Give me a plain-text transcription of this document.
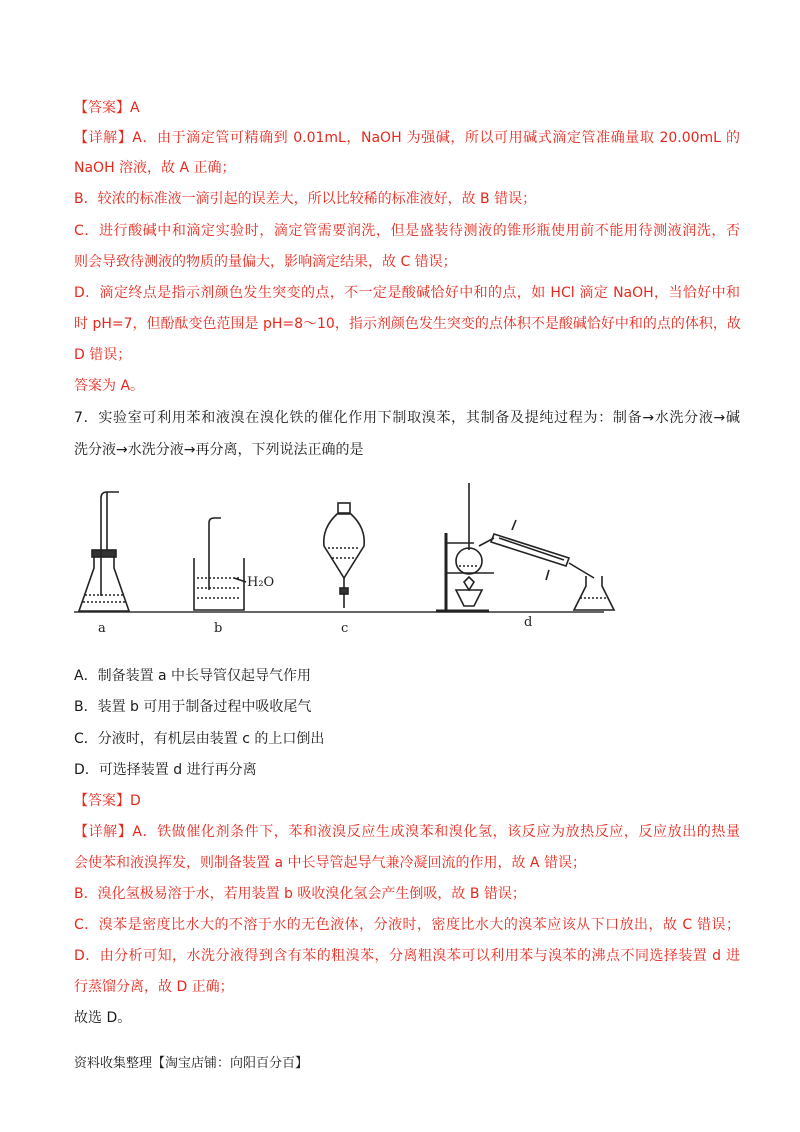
【答案】A
【详解】A．由于滴定管可精确到 0.01mL，NaOH 为强碱，所以可用碱式滴定管准确量取 20.00mL 的
NaOH 溶液，故 A 正确；
B．较浓的标准液一滴引起的误差大，所以比较稀的标准液好，故 B 错误；
C．进行酸碱中和滴定实验时，滴定管需要润洗，但是盛装待测液的锥形瓶使用前不能用待测液润洗，否
则会导致待测液的物质的量偏大，影响滴定结果，故 C 错误；
D．滴定终点是指示剂颜色发生突变的点，不一定是酸碱恰好中和的点，如 HCl 滴定 NaOH，当恰好中和
时 pH=7，但酚酞变色范围是 pH=8～10，指示剂颜色发生突变的点体积不是酸碱恰好中和的点的体积，故
D 错误；
答案为 A。
7．实验室可利用苯和液溴在溴化铁的催化作用下制取溴苯，其制备及提纯过程为：制备→水洗分液→碱
洗分液→水洗分液→再分离，下列说法正确的是
a
H₂O
b	c	d
A．制备装置 a 中长导管仅起导气作用
B．装置 b 可用于制备过程中吸收尾气
C．分液时，有机层由装置 c 的上口倒出
D．可选择装置 d 进行再分离
【答案】D
【详解】A．铁做催化剂条件下，苯和液溴反应生成溴苯和溴化氢，该反应为放热反应，反应放出的热量
会使苯和液溴挥发，则制备装置 a 中长导管起导气兼冷凝回流的作用，故 A 错误；
B．溴化氢极易溶于水，若用装置 b 吸收溴化氢会产生倒吸，故 B 错误；
C．溴苯是密度比水大的不溶于水的无色液体，分液时，密度比水大的溴苯应该从下口放出，故 C 错误；
D．由分析可知，水洗分液得到含有苯的粗溴苯，分离粗溴苯可以利用苯与溴苯的沸点不同选择装置 d 进
行蒸馏分离，故 D 正确；
故选 D。
资料收集整理【淘宝店铺：向阳百分百】
